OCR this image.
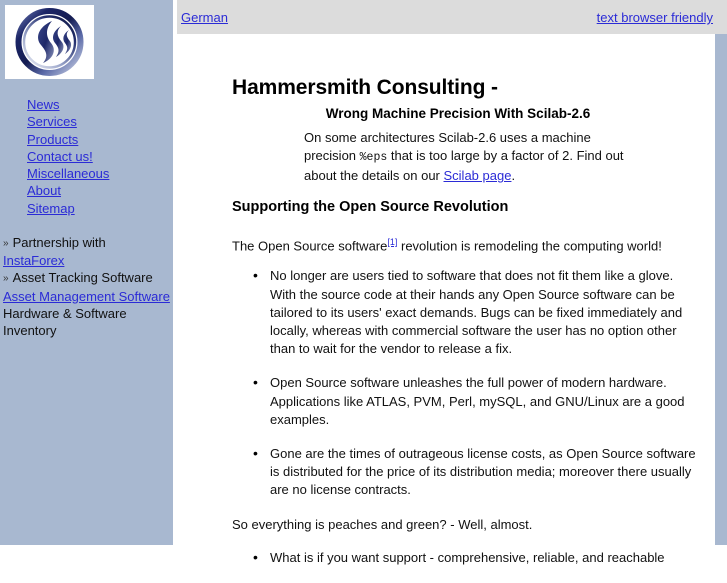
News
Services
Products
Contact us!
Miscellaneous
About
Sitemap
» Partnership with
InstaForex
» Asset Tracking Software
Asset Management Software Hardware & Software Inventory
German	text browser friendly
Hammersmith Consulting -
Wrong Machine Precision With Scilab-2.6

On some architectures Scilab-2.6 uses a machine precision %eps that is too large by a factor of 2. Find out about the details on our Scilab page.

Supporting the Open Source Revolution

The Open Source software[1] revolution is remodeling the computing world!

• No longer are users tied to software that does not fit them like a glove. With the source code at their hands any Open Source software can be tailored to its users' exact demands. Bugs can be fixed immediately and locally, whereas with commercial software the user has no option other than to wait for the vendor to release a fix.
• Open Source software unleashes the full power of modern hardware. Applications like ATLAS, PVM, Perl, mySQL, and GNU/Linux are a good examples.
• Gone are the times of outrageous license costs, as Open Source software is distributed for the price of its distribution media; moreover there usually are no license contracts.

So everything is peaches and green? - Well, almost.

• What is if you want support - comprehensive, reliable, and reachable
